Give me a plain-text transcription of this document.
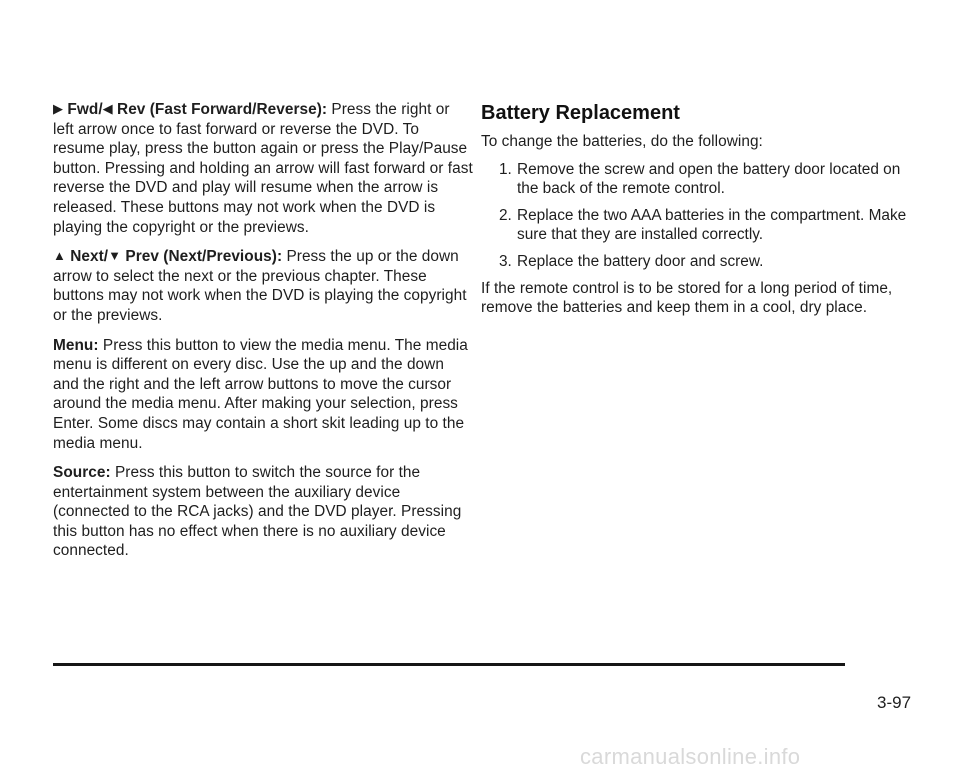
▶ Fwd/◀ Rev (Fast Forward/Reverse): Press the right or left arrow once to fast forward or reverse the DVD. To resume play, press the button again or press the Play/Pause button. Pressing and holding an arrow will fast forward or fast reverse the DVD and play will resume when the arrow is released. These buttons may not work when the DVD is playing the copyright or the previews.

▲ Next/▼ Prev (Next/Previous): Press the up or the down arrow to select the next or the previous chapter. These buttons may not work when the DVD is playing the copyright or the previews.

Menu: Press this button to view the media menu. The media menu is different on every disc. Use the up and the down and the right and the left arrow buttons to move the cursor around the media menu. After making your selection, press Enter. Some discs may contain a short skit leading up to the media menu.

Source: Press this button to switch the source for the entertainment system between the auxiliary device (connected to the RCA jacks) and the DVD player. Pressing this button has no effect when there is no auxiliary device connected.

Battery Replacement

To change the batteries, do the following:

1. Remove the screw and open the battery door located on the back of the remote control.
2. Replace the two AAA batteries in the compartment. Make sure that they are installed correctly.
3. Replace the battery door and screw.

If the remote control is to be stored for a long period of time, remove the batteries and keep them in a cool, dry place.

3-97
carmanualsonline.info
